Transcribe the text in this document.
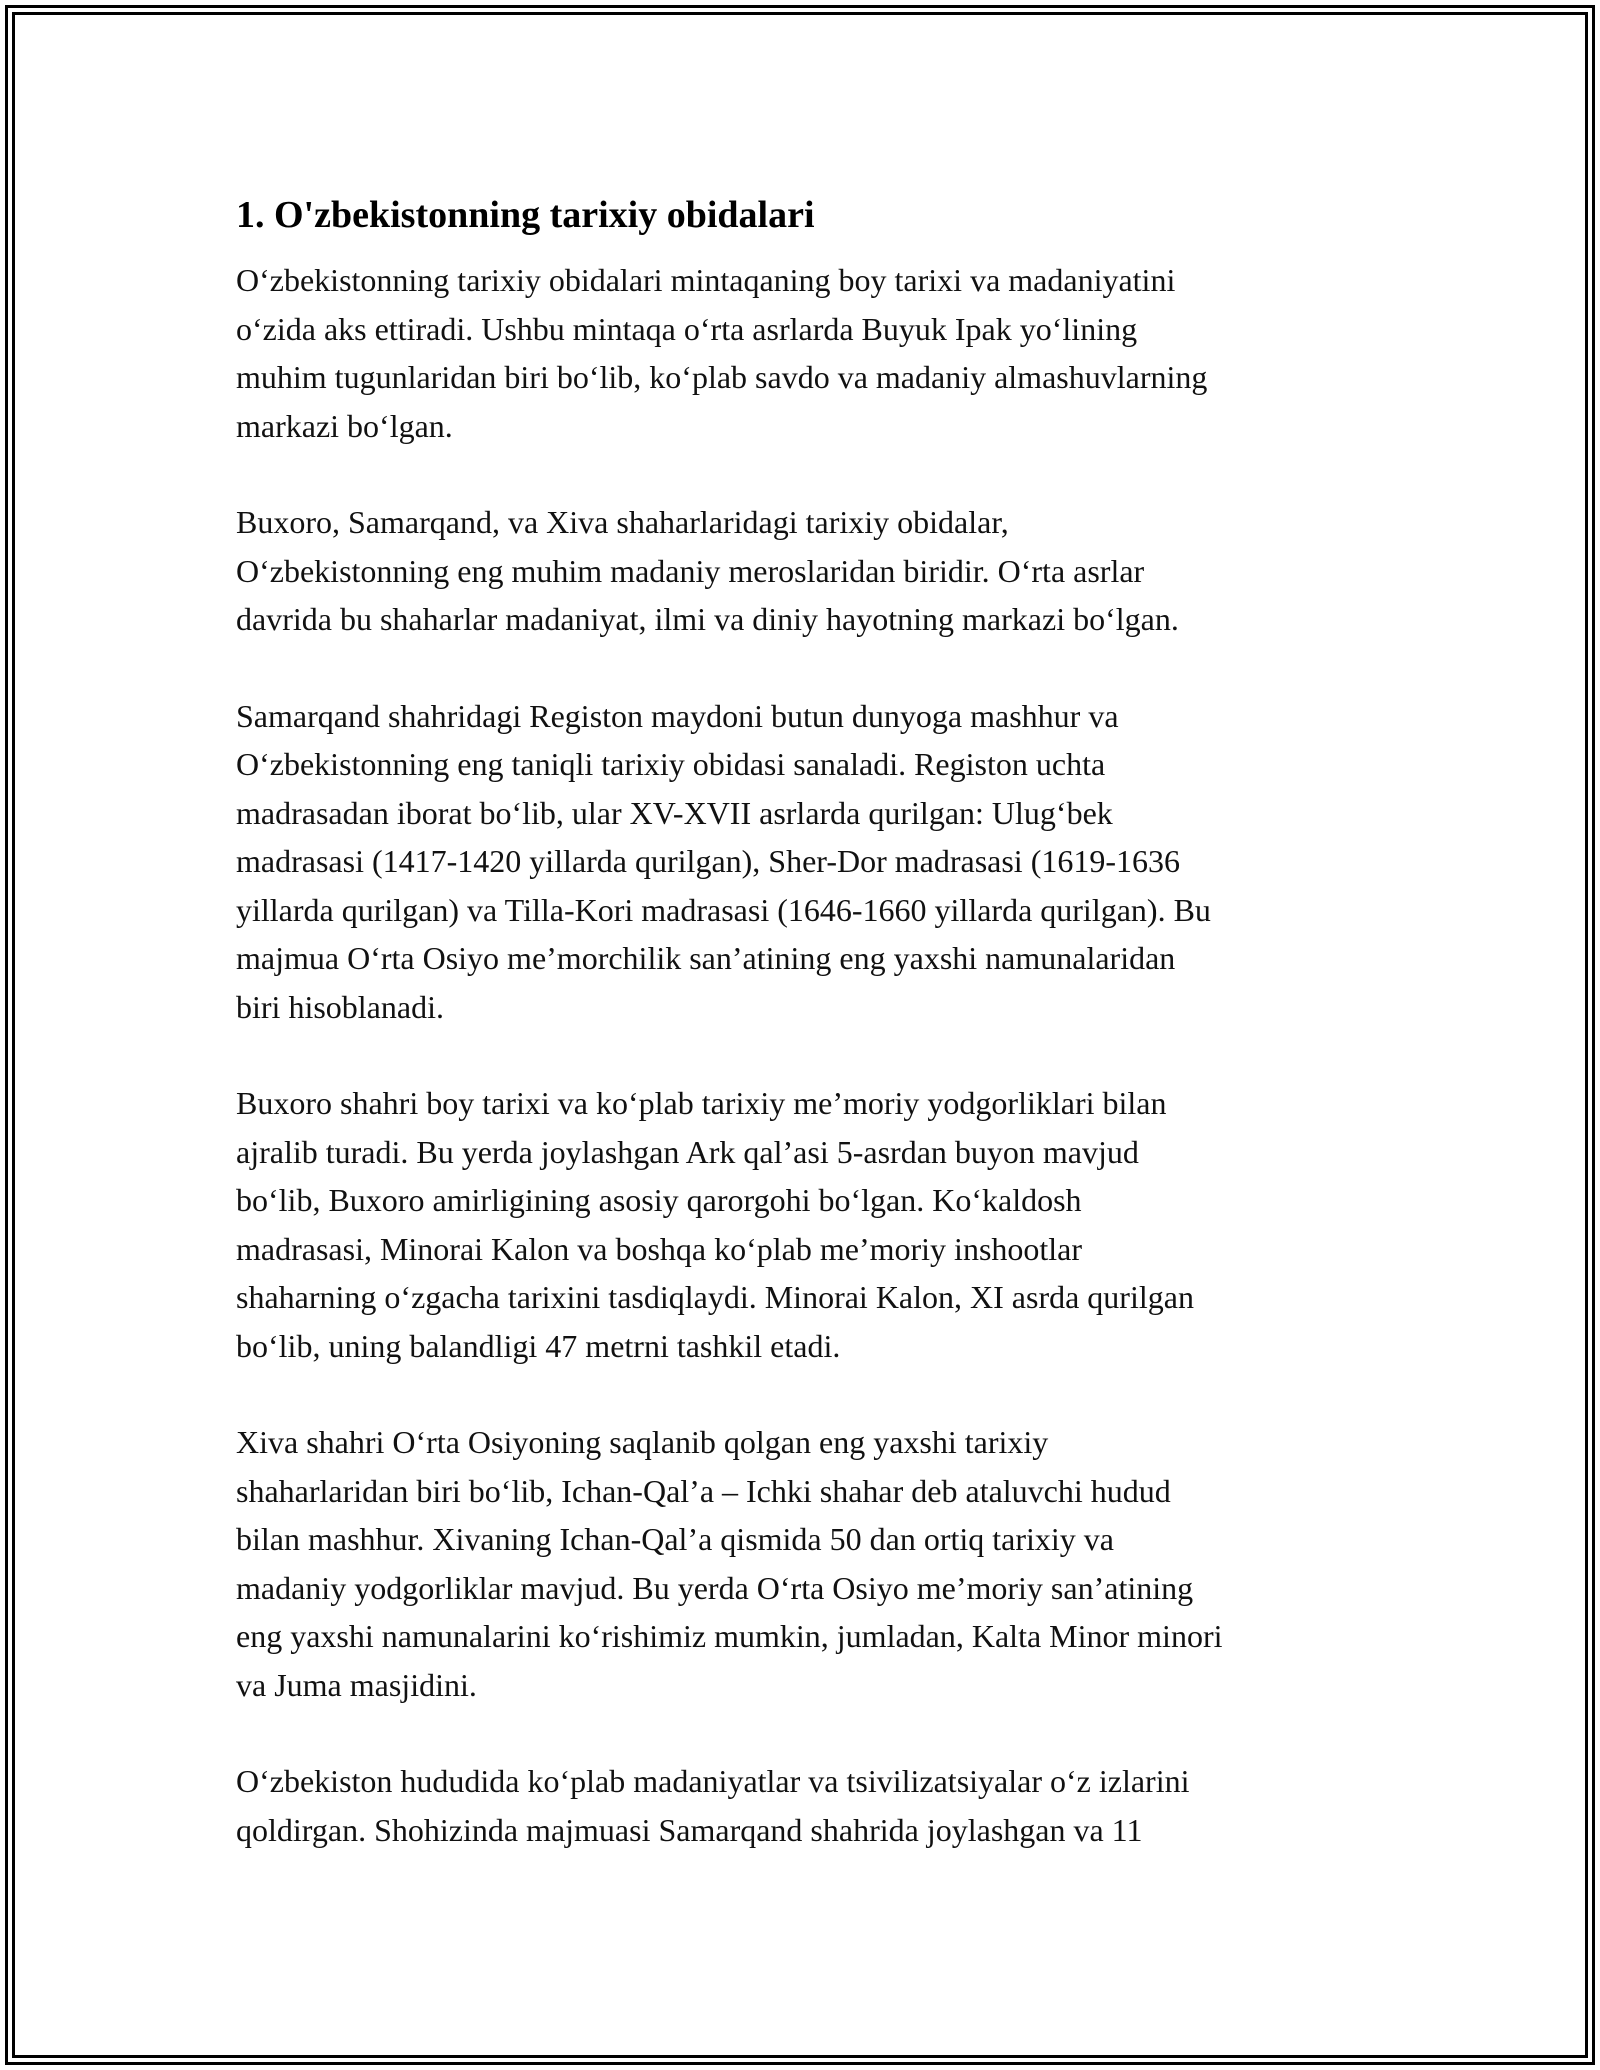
1. O'zbekistonning tarixiy obidalari

O‘zbekistonning tarixiy obidalari mintaqaning boy tarixi va madaniyatini
o‘zida aks ettiradi. Ushbu mintaqa o‘rta asrlarda Buyuk Ipak yo‘lining
muhim tugunlaridan biri bo‘lib, ko‘plab savdo va madaniy almashuvlarning
markazi bo‘lgan.

Buxoro, Samarqand, va Xiva shaharlaridagi tarixiy obidalar,
O‘zbekistonning eng muhim madaniy meroslaridan biridir. O‘rta asrlar
davrida bu shaharlar madaniyat, ilmi va diniy hayotning markazi bo‘lgan.

Samarqand shahridagi Registon maydoni butun dunyoga mashhur va
O‘zbekistonning eng taniqli tarixiy obidasi sanaladi. Registon uchta
madrasadan iborat bo‘lib, ular XV-XVII asrlarda qurilgan: Ulug‘bek
madrasasi (1417-1420 yillarda qurilgan), Sher-Dor madrasasi (1619-1636
yillarda qurilgan) va Tilla-Kori madrasasi (1646-1660 yillarda qurilgan). Bu
majmua O‘rta Osiyo me’morchilik san’atining eng yaxshi namunalaridan
biri hisoblanadi.

Buxoro shahri boy tarixi va ko‘plab tarixiy me’moriy yodgorliklari bilan
ajralib turadi. Bu yerda joylashgan Ark qal’asi 5-asrdan buyon mavjud
bo‘lib, Buxoro amirligining asosiy qarorgohi bo‘lgan. Ko‘kaldosh
madrasasi, Minorai Kalon va boshqa ko‘plab me’moriy inshootlar
shaharning o‘zgacha tarixini tasdiqlaydi. Minorai Kalon, XI asrda qurilgan
bo‘lib, uning balandligi 47 metrni tashkil etadi.

Xiva shahri O‘rta Osiyoning saqlanib qolgan eng yaxshi tarixiy
shaharlaridan biri bo‘lib, Ichan-Qal’a – Ichki shahar deb ataluvchi hudud
bilan mashhur. Xivaning Ichan-Qal’a qismida 50 dan ortiq tarixiy va
madaniy yodgorliklar mavjud. Bu yerda O‘rta Osiyo me’moriy san’atining
eng yaxshi namunalarini ko‘rishimiz mumkin, jumladan, Kalta Minor minori
va Juma masjidini.

O‘zbekiston hududida ko‘plab madaniyatlar va tsivilizatsiyalar o‘z izlarini
qoldirgan. Shohizinda majmuasi Samarqand shahrida joylashgan va 11
